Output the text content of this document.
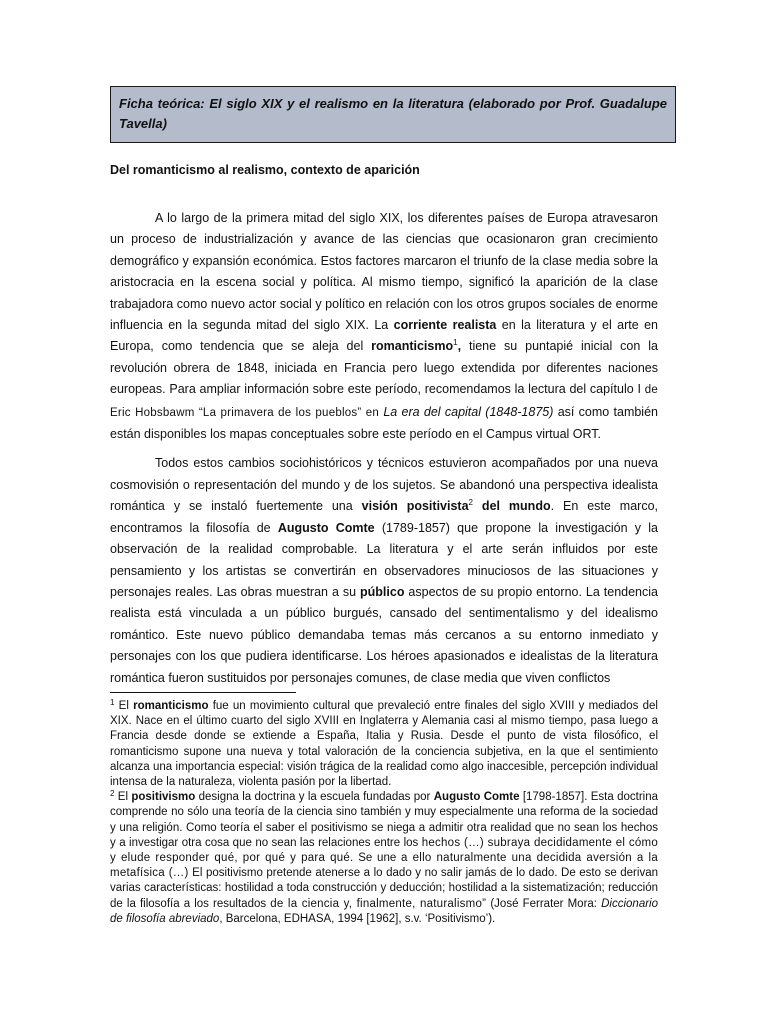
Ficha teórica: El siglo XIX y el realismo en la literatura (elaborado por Prof. Guadalupe Tavella)
Del romanticismo al realismo, contexto de aparición

A lo largo de la primera mitad del siglo XIX, los diferentes países de Europa atravesaron un proceso de industrialización y avance de las ciencias que ocasionaron gran crecimiento demográfico y expansión económica. Estos factores marcaron el triunfo de la clase media sobre la aristocracia en la escena social y política. Al mismo tiempo, significó la aparición de la clase trabajadora como nuevo actor social y político en relación con los otros grupos sociales de enorme influencia en la segunda mitad del siglo XIX. La corriente realista en la literatura y el arte en Europa, como tendencia que se aleja del romanticismo$^1$, tiene su puntapié inicial con la revolución obrera de 1848, iniciada en Francia pero luego extendida por diferentes naciones europeas. Para ampliar información sobre este período, recomendamos la lectura del capítulo I de Eric Hobsbawm “La primavera de los pueblos” en La era del capital (1848-1875) así como también están disponibles los mapas conceptuales sobre este período en el Campus virtual ORT.

Todos estos cambios sociohistóricos y técnicos estuvieron acompañados por una nueva cosmovisión o representación del mundo y de los sujetos. Se abandonó una perspectiva idealista romántica y se instaló fuertemente una visión positivista$^2$ del mundo. En este marco, encontramos la filosofía de Augusto Comte (1789-1857) que propone la investigación y la observación de la realidad comprobable. La literatura y el arte serán influidos por este pensamiento y los artistas se convertirán en observadores minuciosos de las situaciones y personajes reales. Las obras muestran a su público aspectos de su propio entorno. La tendencia realista está vinculada a un público burgués, cansado del sentimentalismo y del idealismo romántico. Este nuevo público demandaba temas más cercanos a su entorno inmediato y personajes con los que pudiera identificarse. Los héroes apasionados e idealistas de la literatura romántica fueron sustituidos por personajes comunes, de clase media que viven conflictos

$^1$ El romanticismo fue un movimiento cultural que prevaleció entre finales del siglo XVIII y mediados del XIX. Nace en el último cuarto del siglo XVIII en Inglaterra y Alemania casi al mismo tiempo, pasa luego a Francia desde donde se extiende a España, Italia y Rusia. Desde el punto de vista filosófico, el romanticismo supone una nueva y total valoración de la conciencia subjetiva, en la que el sentimiento alcanza una importancia especial: visión trágica de la realidad como algo inaccesible, percepción individual intensa de la naturaleza, violenta pasión por la libertad.

$^2$ El positivismo designa la doctrina y la escuela fundadas por Augusto Comte [1798-1857]. Esta doctrina comprende no sólo una teoría de la ciencia sino también y muy especialmente una reforma de la sociedad y una religión. Como teoría el saber el positivismo se niega a admitir otra realidad que no sean los hechos y a investigar otra cosa que no sean las relaciones entre los hechos (…) subraya decididamente el cómo y elude responder qué, por qué y para qué. Se une a ello naturalmente una decidida aversión a la metafísica (…) El positivismo pretende atenerse a lo dado y no salir jamás de lo dado. De esto se derivan varias características: hostilidad a toda construcción y deducción; hostilidad a la sistematización; reducción de la filosofía a los resultados de la ciencia y, finalmente, naturalismo” (José Ferrater Mora: Diccionario de filosofía abreviado, Barcelona, EDHASA, 1994 [1962], s.v. ‘Positivismo’).
